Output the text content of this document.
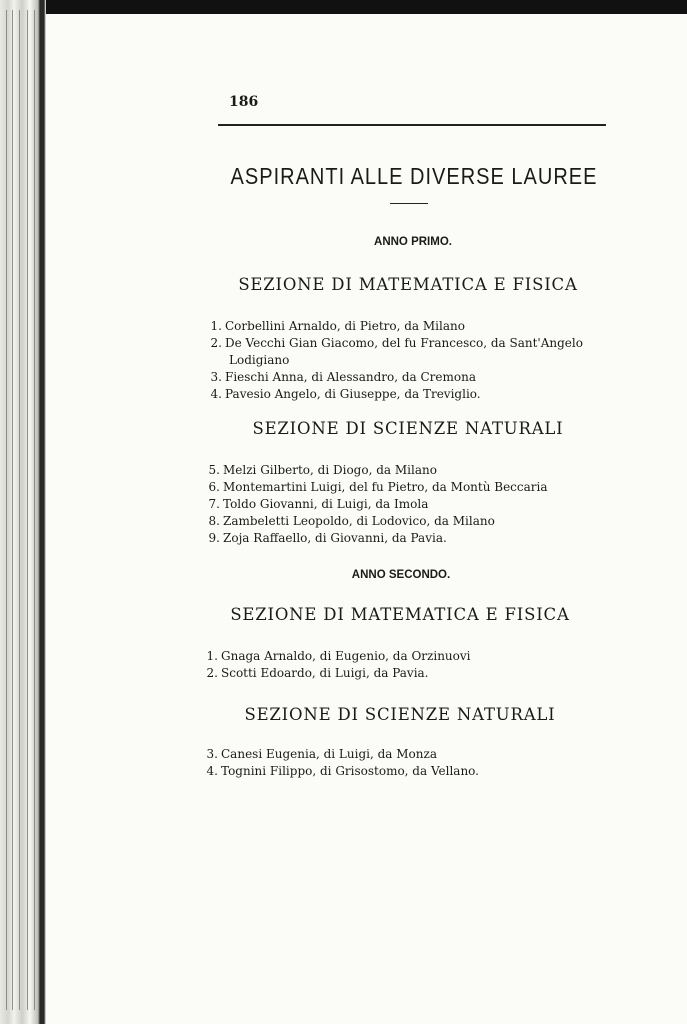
186
ASPIRANTI ALLE DIVERSE LAUREE
ANNO PRIMO.
SEZIONE DI MATEMATICA E FISICA
1. Corbellini Arnaldo, di Pietro, da Milano
2. De Vecchi Gian Giacomo, del fu Francesco, da Sant'Angelo
Lodigiano
3. Fieschi Anna, di Alessandro, da Cremona
4. Pavesio Angelo, di Giuseppe, da Treviglio.
SEZIONE DI SCIENZE NATURALI
5. Melzi Gilberto, di Diogo, da Milano
6. Montemartini Luigi, del fu Pietro, da Montù Beccaria
7. Toldo Giovanni, di Luigi, da Imola
8. Zambeletti Leopoldo, di Lodovico, da Milano
9. Zoja Raffaello, di Giovanni, da Pavia.
ANNO SECONDO.
SEZIONE DI MATEMATICA E FISICA
1. Gnaga Arnaldo, di Eugenio, da Orzinuovi
2. Scotti Edoardo, di Luigi, da Pavia.
SEZIONE DI SCIENZE NATURALI
3. Canesi Eugenia, di Luigi, da Monza
4. Tognini Filippo, di Grisostomo, da Vellano.
